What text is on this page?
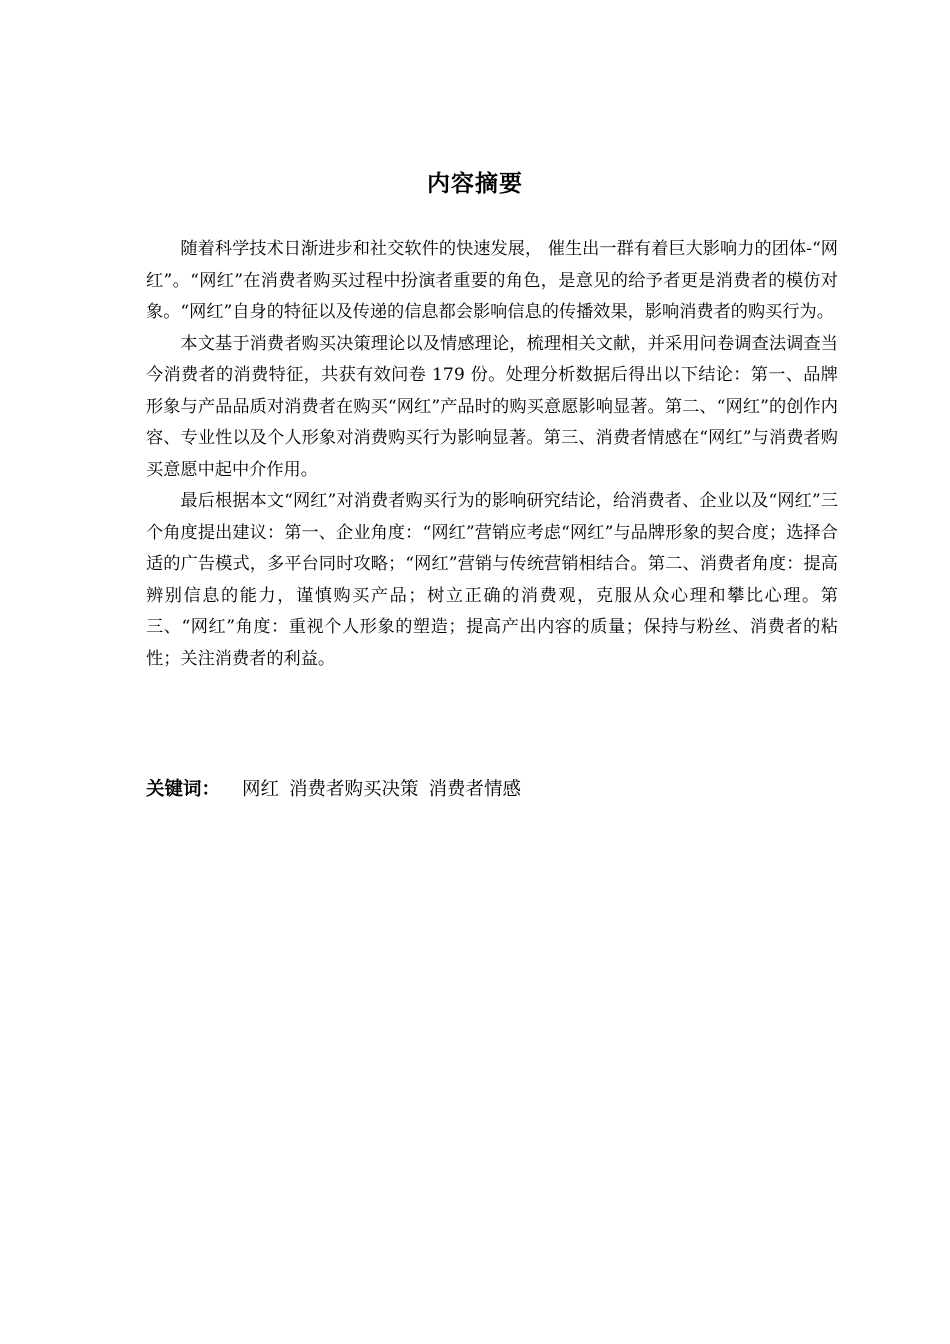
内容摘要

随着科学技术日渐进步和社交软件的快速发展， 催生出一群有着巨大影响力的团体-“网红”。“网红”在消费者购买过程中扮演者重要的角色，是意见的给予者更是消费者的模仿对象。“网红”自身的特征以及传递的信息都会影响信息的传播效果，影响消费者的购买行为。

本文基于消费者购买决策理论以及情感理论，梳理相关文献，并采用问卷调查法调查当今消费者的消费特征，共获有效问卷 179 份。处理分析数据后得出以下结论：第一、品牌形象与产品品质对消费者在购买“网红”产品时的购买意愿影响显著。第二、“网红”的创作内容、专业性以及个人形象对消费购买行为影响显著。第三、消费者情感在“网红”与消费者购买意愿中起中介作用。

最后根据本文“网红”对消费者购买行为的影响研究结论，给消费者、企业以及“网红”三个角度提出建议：第一、企业角度：“网红”营销应考虑“网红”与品牌形象的契合度；选择合适的广告模式，多平台同时攻略；“网红”营销与传统营销相结合。第二、消费者角度：提高辨别信息的能力，谨慎购买产品；树立正确的消费观，克服从众心理和攀比心理。第三、“网红”角度：重视个人形象的塑造；提高产出内容的质量；保持与粉丝、消费者的粘性；关注消费者的利益。

关键词： 网红 消费者购买决策 消费者情感
